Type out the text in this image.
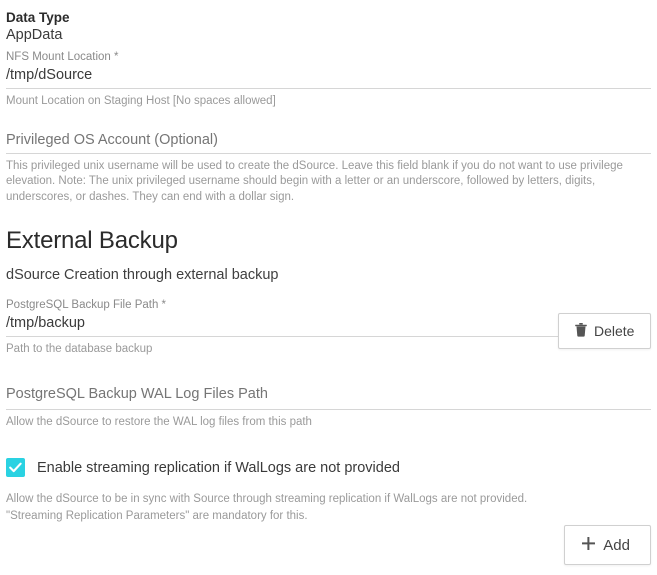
Data Type
AppData
NFS Mount Location *
/tmp/dSource
Mount Location on Staging Host [No spaces allowed]
Privileged OS Account (Optional)
This privileged unix username will be used to create the dSource. Leave this field blank if you do not want to use privilege elevation. Note: The unix privileged username should begin with a letter or an underscore, followed by letters, digits, underscores, or dashes. They can end with a dollar sign.
External Backup
dSource Creation through external backup
PostgreSQL Backup File Path *
/tmp/backup
Path to the database backup
Delete
PostgreSQL Backup WAL Log Files Path
Allow the dSource to restore the WAL log files from this path
Enable streaming replication if WalLogs are not provided
Allow the dSource to be in sync with Source through streaming replication if WalLogs are not provided. "Streaming Replication Parameters" are mandatory for this.
Add
